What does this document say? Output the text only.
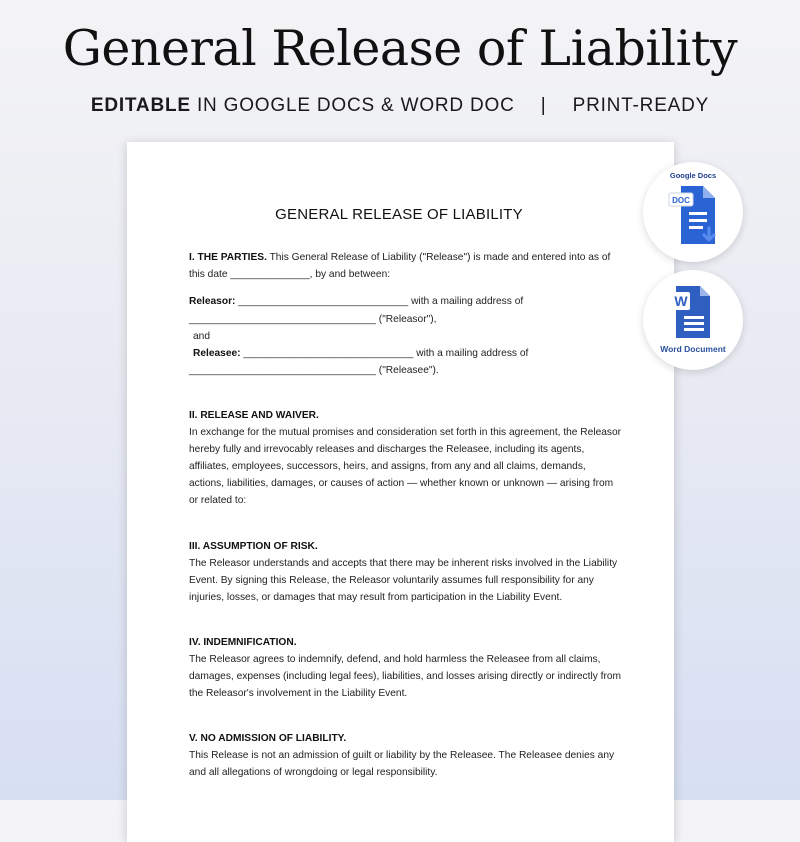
General Release of Liability
EDITABLE IN GOOGLE DOCS & WORD DOC | PRINT-READY
GENERAL RELEASE OF LIABILITY
I. THE PARTIES. This General Release of Liability ("Release") is made and entered into as of
this date ______________, by and between:
Releasor: ______________________________ with a mailing address of
_________________________________ ("Releasor"),
and
Releasee: ______________________________ with a mailing address of
_________________________________ ("Releasee").
II. RELEASE AND WAIVER.
In exchange for the mutual promises and consideration set forth in this agreement, the Releasor
hereby fully and irrevocably releases and discharges the Releasee, including its agents,
affiliates, employees, successors, heirs, and assigns, from any and all claims, demands,
actions, liabilities, damages, or causes of action — whether known or unknown — arising from
or related to:
III. ASSUMPTION OF RISK.
The Releasor understands and accepts that there may be inherent risks involved in the Liability
Event. By signing this Release, the Releasor voluntarily assumes full responsibility for any
injuries, losses, or damages that may result from participation in the Liability Event.
IV. INDEMNIFICATION.
The Releasor agrees to indemnify, defend, and hold harmless the Releasee from all claims,
damages, expenses (including legal fees), liabilities, and losses arising directly or indirectly from
the Releasor's involvement in the Liability Event.
V. NO ADMISSION OF LIABILITY.
This Release is not an admission of guilt or liability by the Releasee. The Releasee denies any
and all allegations of wrongdoing or legal responsibility.
Google Docs
DOC
W
Word Document
